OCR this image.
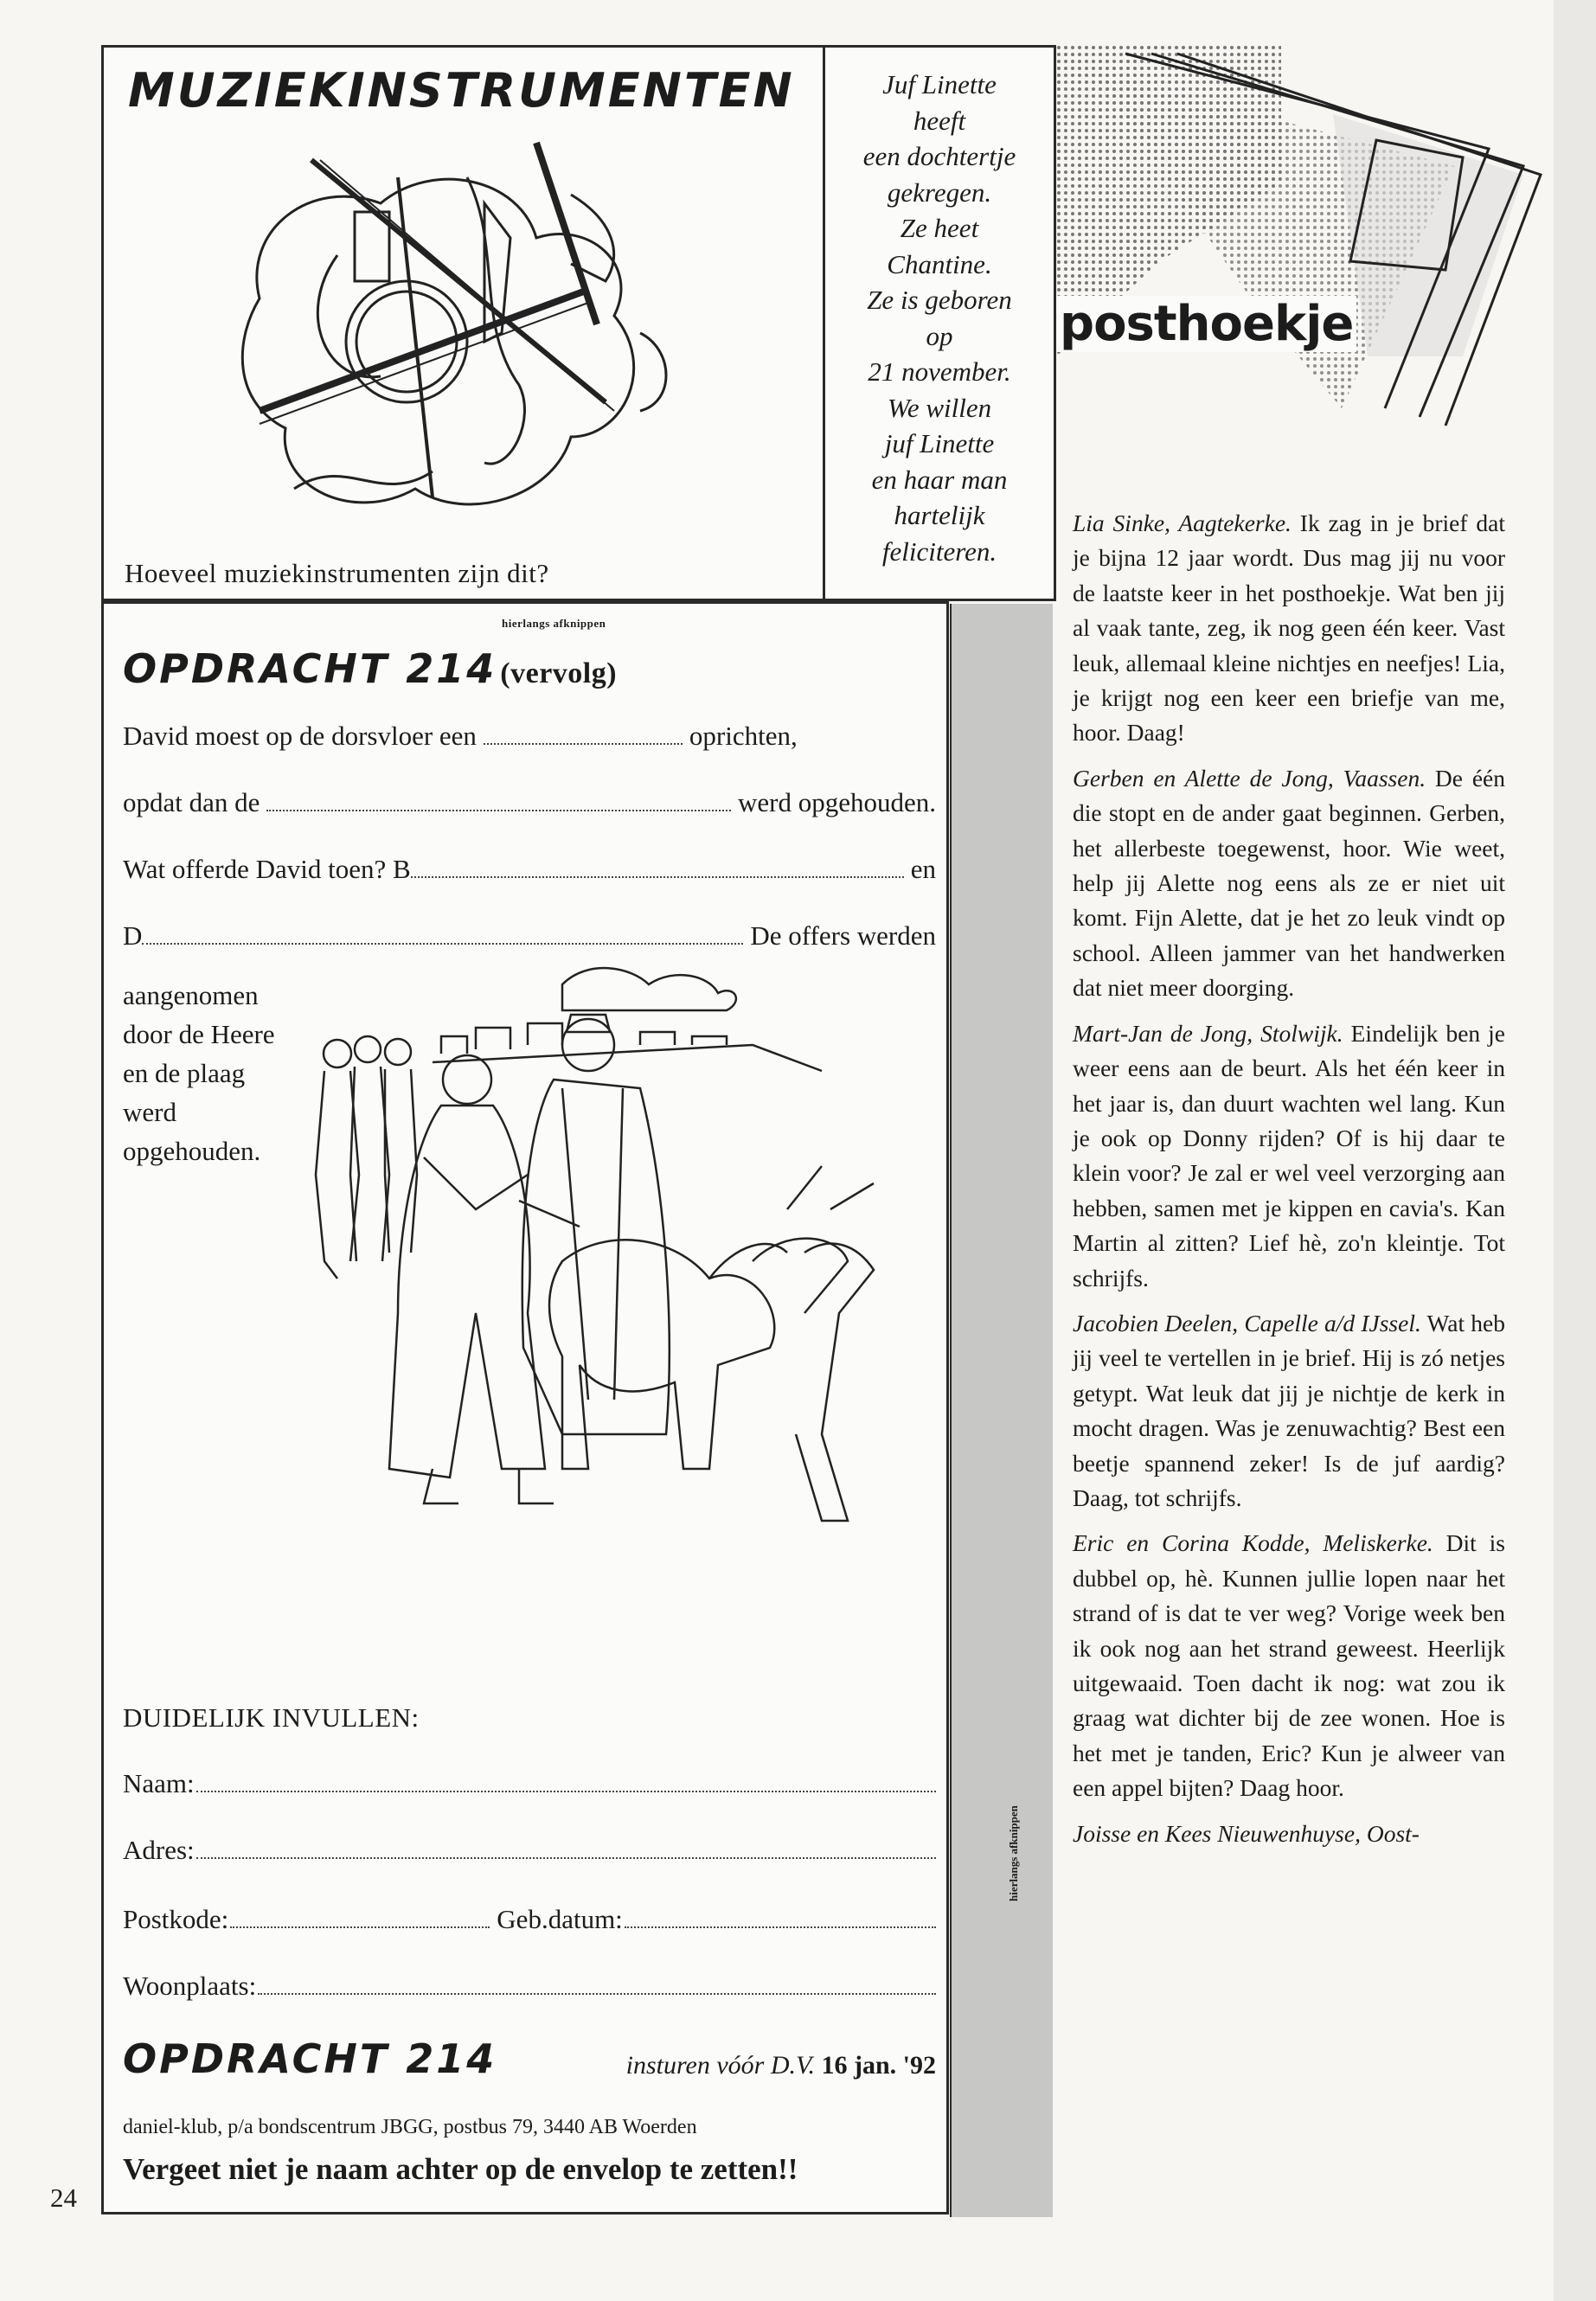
MUZIEKINSTRUMENTEN
Hoeveel muziekinstrumenten zijn dit?
Juf Linette
heeft
een dochtertje
gekregen.
Ze heet
Chantine.
Ze is geboren
op
21 november.
We willen
juf Linette
en haar man
hartelijk
feliciteren.
hierlangs afknippen
hierlangs afknippen
OPDRACHT 214 (vervolg)
David moest op de dorsvloer een	oprichten,
opdat dan de	werd opgehouden.
Wat offerde David toen? B	en
D	De offers werden
aangenomen
door de Heere
en de plaag
werd
opgehouden.
DUIDELIJK INVULLEN:
Naam:
Adres:
Postkode:	Geb.datum:
Woonplaats:
OPDRACHT 214	insturen vóór D.V. 16 jan. '92
daniel-klub, p/a bondscentrum JBGG, postbus 79, 3440 AB Woerden
Vergeet niet je naam achter op de envelop te zetten!!
posthoekje

Lia Sinke, Aagtekerke. Ik zag in je brief dat je bijna 12 jaar wordt. Dus mag jij nu voor de laatste keer in het posthoekje. Wat ben jij al vaak tante, zeg, ik nog geen één keer. Vast leuk, allemaal kleine nichtjes en neefjes! Lia, je krijgt nog een keer een briefje van me, hoor. Daag!

Gerben en Alette de Jong, Vaassen. De één die stopt en de ander gaat beginnen. Gerben, het allerbeste toegewenst, hoor. Wie weet, help jij Alette nog eens als ze er niet uit komt. Fijn Alette, dat je het zo leuk vindt op school. Alleen jammer van het handwerken dat niet meer doorging.

Mart-Jan de Jong, Stolwijk. Eindelijk ben je weer eens aan de beurt. Als het één keer in het jaar is, dan duurt wachten wel lang. Kun je ook op Donny rijden? Of is hij daar te klein voor? Je zal er wel veel verzorging aan hebben, samen met je kippen en cavia's. Kan Martin al zitten? Lief hè, zo'n kleintje. Tot schrijfs.

Jacobien Deelen, Capelle a/d IJssel. Wat heb jij veel te vertellen in je brief. Hij is zó netjes getypt. Wat leuk dat jij je nichtje de kerk in mocht dragen. Was je zenuwachtig? Best een beetje spannend zeker! Is de juf aardig? Daag, tot schrijfs.

Eric en Corina Kodde, Meliskerke. Dit is dubbel op, hè. Kunnen jullie lopen naar het strand of is dat te ver weg? Vorige week ben ik ook nog aan het strand geweest. Heerlijk uitgewaaid. Toen dacht ik nog: wat zou ik graag wat dichter bij de zee wonen. Hoe is het met je tanden, Eric? Kun je alweer van een appel bijten? Daag hoor.

Joisse en Kees Nieuwenhuyse, Oost-

24
